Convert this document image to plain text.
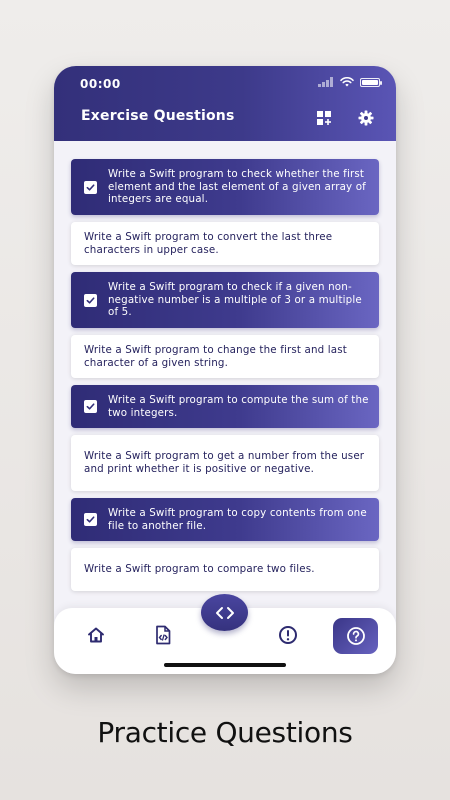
00:00
Exercise Questions
Write a Swift program to check whether the first element and the last element of a given array of integers are equal.
Write a Swift program to convert the last three characters in upper case.
Write a Swift program to check if a given non-negative number is a multiple of 3 or a multiple of 5.
Write a Swift program to change the first and last character of a given string.
Write a Swift program to compute the sum of the two integers.
Write a Swift program to get a number from the user and print whether it is positive or negative.
Write a Swift program to copy contents from one file to another file.
Write a Swift program to compare two files.
Practice Questions
